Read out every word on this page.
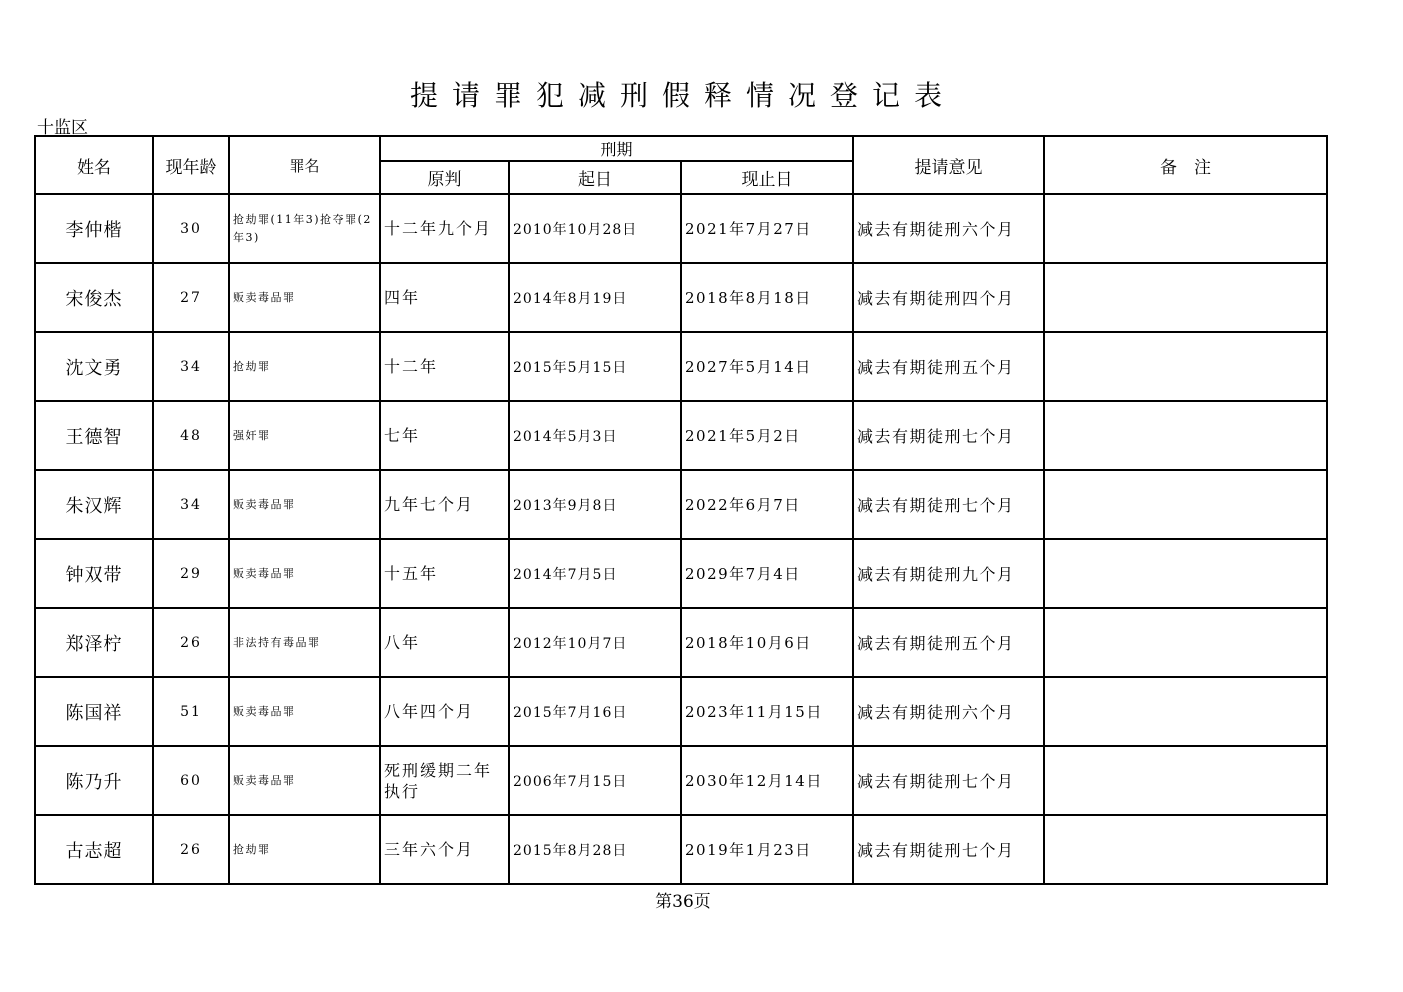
提请罪犯减刑假释情况登记表
十监区
姓名	现年龄	罪名	刑期			提请意见	备　注
			原判	起日	现止日		
李仲楷	30	抢劫罪(11年3)抢夺罪(2年3)	十二年九个月	2010年10月28日	2021年7月27日	减去有期徒刑六个月	
宋俊杰	27	贩卖毒品罪	四年	2014年8月19日	2018年8月18日	减去有期徒刑四个月	
沈文勇	34	抢劫罪	十二年	2015年5月15日	2027年5月14日	减去有期徒刑五个月	
王德智	48	强奸罪	七年	2014年5月3日	2021年5月2日	减去有期徒刑七个月	
朱汉辉	34	贩卖毒品罪	九年七个月	2013年9月8日	2022年6月7日	减去有期徒刑七个月	
钟双带	29	贩卖毒品罪	十五年	2014年7月5日	2029年7月4日	减去有期徒刑九个月	
郑泽柠	26	非法持有毒品罪	八年	2012年10月7日	2018年10月6日	减去有期徒刑五个月	
陈国祥	51	贩卖毒品罪	八年四个月	2015年7月16日	2023年11月15日	减去有期徒刑六个月	
陈乃升	60	贩卖毒品罪	死刑缓期二年执行	2006年7月15日	2030年12月14日	减去有期徒刑七个月	
古志超	26	抢劫罪	三年六个月	2015年8月28日	2019年1月23日	减去有期徒刑七个月	
第36页
